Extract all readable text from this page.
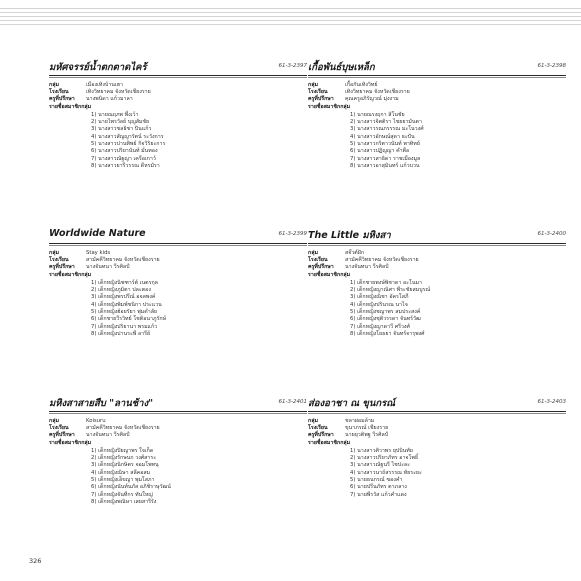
มหัศจรรย์น้ำตกตาดไคร้	61-3-2397
กลุ่ม	เมืองเทิงบ้านเฮา
โรงเรียน	เทิงวิทยาคม จังหวัดเชียงราย
ครูที่ปรึกษา	นางพนิดา แก้วมาลา
รายชื่อสมาชิกกลุ่ม
1) นายณฤภพ พึ่งเว้า
2) นายไพรวัลย์ บุญสัมชัย
3) นางสาวชลธิชา ปินแก้ว
4) นางสาวสัญญารัตน์ ระวังการ
5) นางสาวปานทิพย์ กิจวิริยะการ
6) นางสาวปริยานันท์ มั่นทอง
7) นางสาวณัฐญา เครือเกาว์
8) นางสาวยารีวรรณ ดีหรมัรา
เกื้อพันธ์บุษเหล็ก	61-3-2398
กลุ่ม	เกื้อกันเทิงวิทย์
โรงเรียน	เทิงวิทยาคม จังหวัดเชียงราย
ครูที่ปรึกษา	คุณครูอภิรัญวณ์ มุ่งงาม
รายชื่อสมาชิกกลุ่ม
1) นายณรงฤกา สิโนชัย
2) นางสาวจิตติรา ไชยยามันตา
3) นางสาวรณภรรรณ มะโนวงศ์
4) นางสาวอักษณ์สุดา ธะปัน
5) นางสาวกริตาวนันท์ พาทิทย์
6) นางสาวปฏิญญา คำตือ
7) นางสาวสาธิดา ราชเมืองมูล
8) นางสาวอาสุมินทร์ แก้วบวน
Worldwide Nature	61-3-2399
กลุ่ม	Stay kids
โรงเรียน	สามัคคีวิทยาคม จังหวัดเชียงราย
ครูที่ปรึกษา	นางจันทนา วีรศิลป์
รายชื่อสมาชิกกลุ่ม
1) เด็กหญิงนิชฑาร์ต์ เนตรกุล
2) เด็กหญิงภูมิตา ปละตอง
3) เด็กหญิงพรปรีณ์ อจลพงค์
4) เด็กหญิงพิมพ์ชนิกา ประแวน
5) เด็กหญิงฮ์อยรัยา พุ่มดำลัย
6) เด็กชายวีรวิทย์ โชติอนาภูรักษ์
7) เด็กหญิงปริยานา พรมแก้ว
8) เด็กหญิงปานระพี อารีย์
The Little มหิงสา	61-3-2400
กลุ่ม	สจ๊วต์ฝัก
โรงเรียน	สามัคคีวิทยาคม จังหวัดเชียงราย
ครูที่ปรึกษา	นางจันทนา วีรศิลป์
รายชื่อสมาชิกกลุ่ม
1) เด็กชายพงษ์พิชาดา อะโนมา
2) เด็กหญิงญาณิศา พีระชัยสมบูรณ์
3) เด็กหญิงณิชา อัครโสภี
4) เด็กหญิงปรินรณ นาไจ
5) เด็กหญิงชญาพร สมประสงค์
6) เด็กหญิงชุติวรรดา จันทร์วัฒ
7) เด็กหญิงญาดาวี ศรีวงศ์
8) เด็กหญิงโยธยา จันทร์จารุพงศ์
มหิงสาสายสืบ "ลานช้าง"	61-3-2401
กลุ่ม	Koisuru
โรงเรียน	สามัคคีวิทยาคม จังหวัดเชียงราย
ครูที่ปรึกษา	นางจันทนา วีรศิลป์
รายชื่อสมาชิกกลุ่ม
1) เด็กหญิงปิยญาพร ใจเก็ด
2) เด็กหญิงรักษนก วงศ์สาระ
3) เด็กหญิงนิกษิตร จอมโพทนุ
4) เด็กหญิงณิษา สลีคอสม
5) เด็กหญิงเอ็ขญา พุมโสภา
6) เด็กหญิงนันท์นภัส อภิชิราษุวัฒน์
7) เด็กหญิงจันทีกร ทันใหญ่
8) เด็กหญิงพณิษา เสยสารีรัง
ส่องอาชา ณ ขุนกรณ์	61-3-2403
กลุ่ม	ชลาผ่อมล้าม
โรงเรียน	ขุนาภรณ์ เชียงราย
ครูที่ปรึกษา	นายยุวติพฐ วีรศิลป์
รายชื่อสมาชิกกลุ่ม
1) นางสาวศิวาพร ยุปบินทัย
2) นางสาวปริยาภัทร อาจโพธิ์
3) นางสาวณัฐนรี ไชปะละ
4) นางสาวนาถ์สรรรณ ทัยระยะ
5) นายธนกรณ์ ฃองคำ
6) นายปรีนภัทร ตาภลาง
7) นายพีรวัส แก้วคำแดง
326
